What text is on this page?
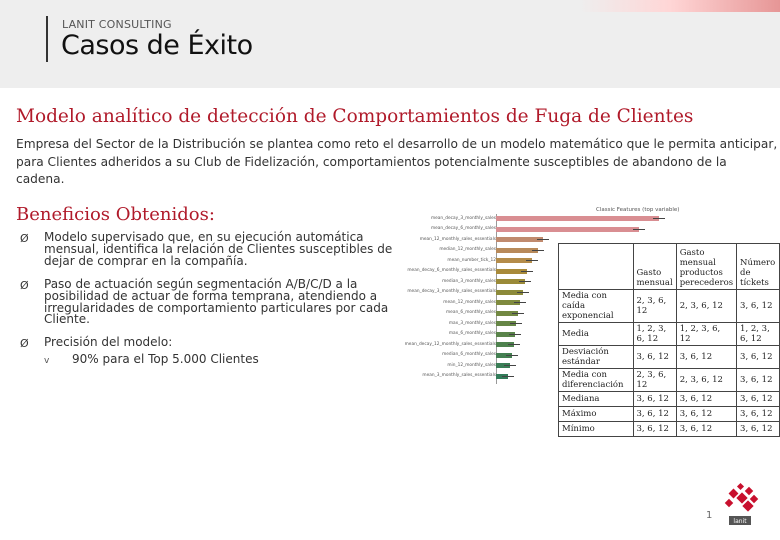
LANIT CONSULTING
Casos de Éxito
Modelo analítico de detección de Comportamientos de Fuga de Clientes
Empresa del Sector de la Distribución se plantea como reto el desarrollo de un modelo matemático que le permita anticipar, para Clientes adheridos a su Club de Fidelización, comportamientos potencialmente susceptibles de abandono de la cadena.
Beneficios Obtenidos:
Ø Modelo supervisado que, en su ejecución automática mensual, identifica la relación de Clientes susceptibles de dejar de comprar en la compañía.
Ø Paso de actuación según segmentación A/B/C/D a la posibilidad de actuar de forma temprana, atendiendo a irregularidades de comportamiento particulares por cada Cliente.
Ø Precisión del modelo:
v 90% para el Top 5.000 Clientes
Classic Features (top variable)
mean_decay_3_monthly_sales
mean_decay_6_monthly_sales
mean_12_monthly_sales_essentials
median_12_monthly_sales
mean_number_tick_12
mean_decay_6_monthly_sales_essentials
median_3_monthly_sales
mean_decay_3_monthly_sales_essentials
mean_12_monthly_sales
mean_6_monthly_sales
max_3_monthly_sales
max_6_monthly_sales
mean_decay_12_monthly_sales_essentials
median_6_monthly_sales
min_12_monthly_sales
mean_3_monthly_sales_essentials
	Gasto mensual	Gasto mensual productos perecederos	Número de tíckets
Media con caída exponencial	2, 3, 6, 12	2, 3, 6, 12	3, 6, 12
Media	1, 2, 3, 6, 12	1, 2, 3, 6, 12	1, 2, 3, 6, 12
Desviación estándar	3, 6, 12	3, 6, 12	3, 6, 12
Media con diferenciación	2, 3, 6, 12	2, 3, 6, 12	3, 6, 12
Mediana	3, 6, 12	3, 6, 12	3, 6, 12
Máximo	3, 6, 12	3, 6, 12	3, 6, 12
Mínimo	3, 6, 12	3, 6, 12	3, 6, 12
lanit
1
